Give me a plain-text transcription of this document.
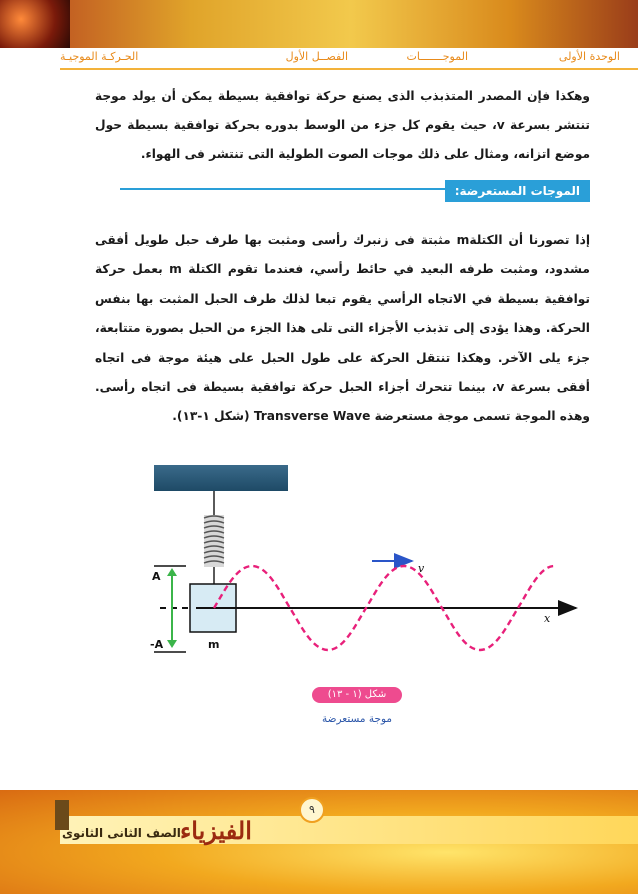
الوحدة الأولى
الموجـــــــات
الفصــل الأول
الحـركـة الموجيـة
وهكذا فإن المصدر المتذبذب الذى يصنع حركة توافقية بسيطة يمكن أن يولد موجة تنتشر بسرعة v، حيث يقوم كل جزء من الوسط بدوره بحركة توافقية بسيطة حول موضع اتزانه، ومثال على ذلك موجات الصوت الطولية التى تنتشر فى الهواء.
الموجات المستعرضة:
إذا تصورنا أن الكتلةm مثبتة فى زنبرك رأسى ومثبت بها طرف حبل طويل أفقى مشدود، ومثبت طرفه البعيد في حائط رأسي، فعندما تقوم الكتلة m بعمل حركة توافقية بسيطة في الاتجاه الرأسي يقوم تبعا لذلك طرف الحبل المثبت بها بنفس الحركة. وهذا يؤدى إلى تذبذب الأجزاء التى تلى هذا الجزء من الحبل بصورة متتابعة، جزء يلى الآخر. وهكذا تنتقل الحركة على طول الحبل على هيئة موجة فى اتجاه أفقى بسرعة v، بينما تتحرك أجزاء الحبل حركة توافقية بسيطة فى اتجاه رأسى. وهذه الموجة تسمى موجة مستعرضة Transverse Wave (شكل ١-١٣).
A
-A	m
v
x
شكل (١ - ١٣)
موجة مستعرضة
٩
الفيزياء
الصف الثانى الثانوى
